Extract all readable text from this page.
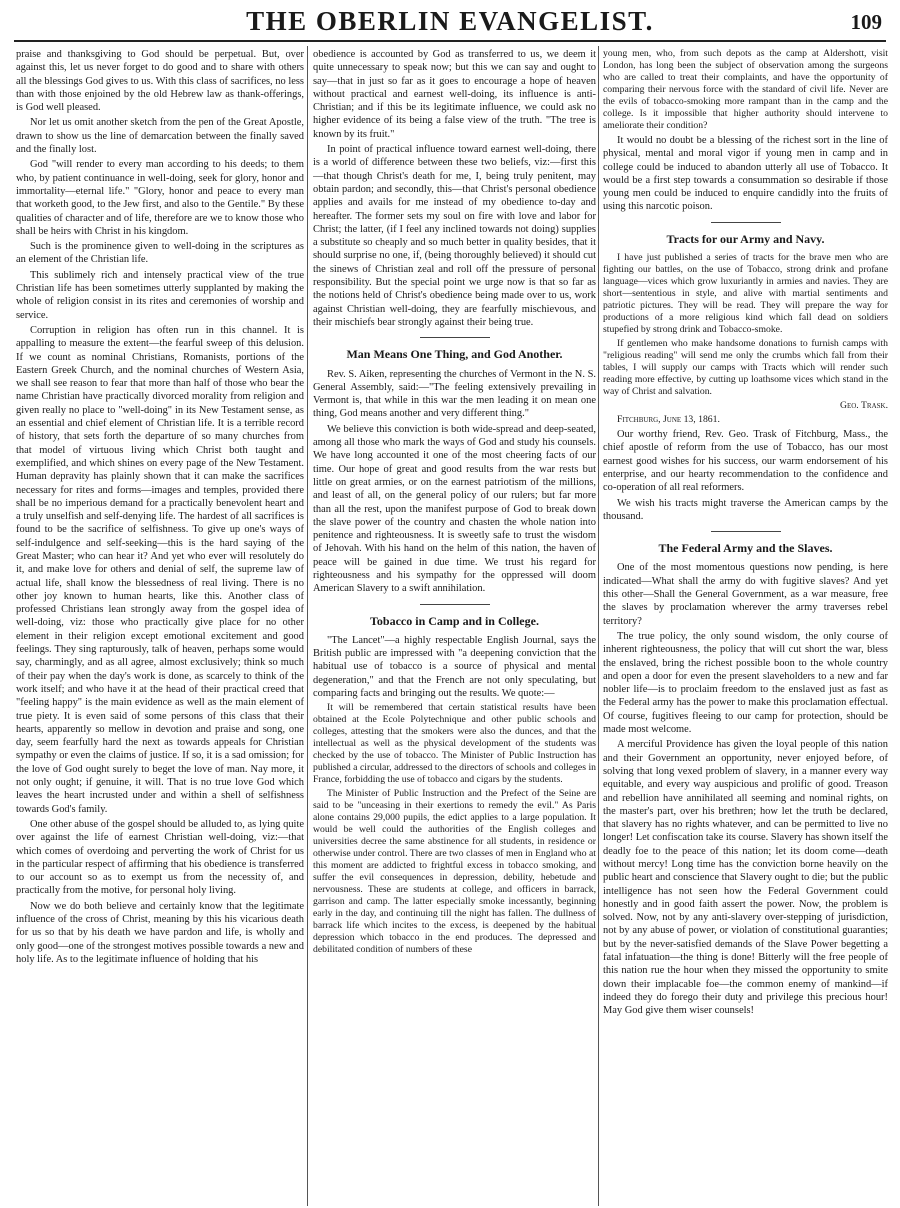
THE OBERLIN EVANGELIST.	109

praise and thanksgiving to God should be perpetual. But, over against this, let us never forget to do good and to share with others all the blessings God gives to us. With this class of sacrifices, no less than with those enjoined by the old Hebrew law as thank-offerings, is God well pleased.

Nor let us omit another sketch from the pen of the Great Apostle, drawn to show us the line of demarcation between the finally saved and the finally lost.

God "will render to every man according to his deeds; to them who, by patient continuance in well-doing, seek for glory, honor and immortality—eternal life." "Glory, honor and peace to every man that worketh good, to the Jew first, and also to the Gentile." By these qualities of character and of life, therefore are we to know those who shall be heirs with Christ in his kingdom.

Such is the prominence given to well-doing in the scriptures as an element of the Christian life.

This sublimely rich and intensely practical view of the true Christian life has been sometimes utterly supplanted by making the whole of religion consist in its rites and ceremonies of worship and service.

Corruption in religion has often run in this channel. It is appalling to measure the extent—the fearful sweep of this delusion. If we count as nominal Christians, Romanists, portions of the Eastern Greek Church, and the nominal churches of Western Asia, we shall see reason to fear that more than half of those who bear the name Christian have practically divorced morality from religion and given really no place to "well-doing" in its New Testament sense, as an essential and chief element of Christian life. It is a terrible record of history, that sets forth the departure of so many churches from that model of virtuous living which Christ both taught and exemplified, and which shines on every page of the New Testament. Human depravity has plainly shown that it can make the sacrifices necessary for rites and forms—images and temples, provided there shall be no imperious demand for a practically benevolent heart and a truly unselfish and self-denying life. The hardest of all sacrifices is found to be the sacrifice of selfishness. To give up one's ways of self-indulgence and self-seeking—this is the hard saying of the Great Master; who can hear it? And yet who ever will resolutely do it, and make love for others and denial of self, the supreme law of actual life, shall know the blessedness of real living. There is no other joy known to human hearts, like this. Another class of professed Christians lean strongly away from the gospel idea of well-doing, viz: those who practically give place for no other element in their religion except emotional excitement and good feelings. They sing rapturously, talk of heaven, perhaps some would say, charmingly, and as all agree, almost exclusively; think so much of their pay when the day's work is done, as scarcely to think of the work itself; and who have it at the head of their practical creed that "feeling happy" is the main evidence as well as the main element of true piety. It is even said of some persons of this class that their hearts, apparently so mellow in devotion and praise and song, one day, seem fearfully hard the next as towards appeals for Christian sympathy or even the claims of justice. If so, it is a sad omission; for the love of God ought surely to beget the love of man. Nay more, it not only ought; if genuine, it will. That is no true love God which leaves the heart incrusted under and within a shell of selfishness towards God's family.

One other abuse of the gospel should be alluded to, as lying quite over against the life of earnest Christian well-doing, viz:—that which comes of overdoing and perverting the work of Christ for us in the particular respect of affirming that his obedience is transferred to our account so as to exempt us from the necessity of, and practically from the motive, for personal holy living.

Now we do both believe and certainly know that the legitimate influence of the cross of Christ, meaning by this his vicarious death for us so that by his death we have pardon and life, is wholly and only good—one of the strongest motives possible towards a new and holy life. As to the legitimate influence of holding that his

obedience is accounted by God as transferred to us, we deem it quite unnecessary to speak now; but this we can say and ought to say—that in just so far as it goes to encourage a hope of heaven without practical and earnest well-doing, its influence is anti-Christian; and if this be its legitimate influence, we could ask no higher evidence of its being a false view of the truth. "The tree is known by its fruit."

In point of practical influence toward earnest well-doing, there is a world of difference between these two beliefs, viz:—first this—that though Christ's death for me, I, being truly penitent, may obtain pardon; and secondly, this—that Christ's personal obedience applies and avails for me instead of my obedience to-day and hereafter. The former sets my soul on fire with love and labor for Christ; the latter, (if I feel any inclined towards not doing) supplies a substitute so cheaply and so much better in quality besides, that it should surprise no one, if, (being thoroughly believed) it should cut the sinews of Christian zeal and roll off the pressure of personal responsibility. But the special point we urge now is that so far as the notions held of Christ's obedience being made over to us, work against Christian well-doing, they are fearfully mischievous, and their mischiefs bear strongly against their being true.

Man Means One Thing, and God Another.

Rev. S. Aiken, representing the churches of Vermont in the N. S. General Assembly, said:—"The feeling extensively prevailing in Vermont is, that while in this war the men leading it on mean one thing, God means another and very different thing."

We believe this conviction is both wide-spread and deep-seated, among all those who mark the ways of God and study his counsels. We have long accounted it one of the most cheering facts of our time. Our hope of great and good results from the war rests but little on great armies, or on the earnest patriotism of the millions, and least of all, on the general policy of our rulers; but far more than all the rest, upon the manifest purpose of God to break down the slave power of the country and chasten the whole nation into penitence and righteousness. It is sweetly safe to trust the wisdom of Jehovah. With his hand on the helm of this nation, the haven of peace will be gained in due time. We trust his regard for righteousness and his sympathy for the oppressed will doom American Slavery to a swift annihilation.

Tobacco in Camp and in College.

"The Lancet"—a highly respectable English Journal, says the British public are impressed with "a deepening conviction that the habitual use of tobacco is a source of physical and mental degeneration," and that the French are not only speculating, but comparing facts and bringing out the results. We quote:—

It will be remembered that certain statistical results have been obtained at the Ecole Polytechnique and other public schools and colleges, attesting that the smokers were also the dunces, and that the intellectual as well as the physical development of the students was checked by the use of tobacco. The Minister of Public Instruction has published a circular, addressed to the directors of schools and colleges in France, forbidding the use of tobacco and cigars by the students.

The Minister of Public Instruction and the Prefect of the Seine are said to be "unceasing in their exertions to remedy the evil." As Paris alone contains 29,000 pupils, the edict applies to a large population. It would be well could the authorities of the English colleges and universities decree the same abstinence for all students, in residence or otherwise under control. There are two classes of men in England who at this moment are addicted to frightful excess in tobacco smoking, and suffer the evil consequences in depression, debility, hebetude and nervousness. These are students at college, and officers in barrack, garrison and camp. The latter especially smoke incessantly, beginning early in the day, and continuing till the night has fallen. The dullness of barrack life which incites to the excess, is deepened by the habitual depression which tobacco in the end produces. The depressed and debilitated condition of numbers of these

young men, who, from such depots as the camp at Aldershott, visit London, has long been the subject of observation among the surgeons who are called to treat their complaints, and have the opportunity of comparing their nervous force with the standard of civil life. Never are the evils of tobacco-smoking more rampant than in the camp and the college. Is it impossible that higher authority should intervene to ameliorate their condition?

It would no doubt be a blessing of the richest sort in the line of physical, mental and moral vigor if young men in camp and in college could be induced to abandon utterly all use of Tobacco. It would be a first step towards a consummation so desirable if those young men could be induced to enquire candidly into the fruits of using this narcotic poison.

Tracts for our Army and Navy.

I have just published a series of tracts for the brave men who are fighting our battles, on the use of Tobacco, strong drink and profane language—vices which grow luxuriantly in armies and navies. They are short—sententious in style, and alive with martial sentiments and patriotic pictures. They will be read. They will prepare the way for productions of a more religious kind which fall dead on soldiers stupefied by strong drink and Tobacco-smoke.

If gentlemen who make handsome donations to furnish camps with "religious reading" will send me only the crumbs which fall from their tables, I will supply our camps with Tracts which will render such reading more effective, by cutting up loathsome vices which stand in the way of Christ and salvation.

Geo. Trask.

Fitchburg, June 13, 1861.

Our worthy friend, Rev. Geo. Trask of Fitchburg, Mass., the chief apostle of reform from the use of Tobacco, has our most earnest good wishes for his success, our warm endorsement of his enterprise, and our hearty recommendation to the confidence and co-operation of all real reformers.

We wish his tracts might traverse the American camps by the thousand.

The Federal Army and the Slaves.

One of the most momentous questions now pending, is here indicated—What shall the army do with fugitive slaves? And yet this other—Shall the General Government, as a war measure, free the slaves by proclamation wherever the army traverses rebel territory?

The true policy, the only sound wisdom, the only course of inherent righteousness, the policy that will cut short the war, bless the enslaved, bring the richest possible boon to the whole country and open a door for even the present slaveholders to a new and far nobler life—is to proclaim freedom to the enslaved just as fast as the Federal army has the power to make this proclamation effectual. Of course, fugitives fleeing to our camp for protection, should be made most welcome.

A merciful Providence has given the loyal people of this nation and their Government an opportunity, never enjoyed before, of solving that long vexed problem of slavery, in a manner every way equitable, and every way auspicious and prolific of good. Treason and rebellion have annihilated all seeming and nominal rights, on the master's part, over his brethren; how let the truth be declared, that slavery has no rights whatever, and can be permitted to live no longer! Let confiscation take its course. Slavery has shown itself the deadly foe to the peace of this nation; let its doom come—death without mercy! Long time has the conviction borne heavily on the public heart and conscience that Slavery ought to die; but the public intelligence has not seen how the Federal Government could honestly and in good faith assert the power. Now, the problem is solved. Now, not by any anti-slavery over-stepping of jurisdiction, not by any abuse of power, or violation of constitutional guaranties; but by the never-satisfied demands of the Slave Power begetting a fatal infatuation—the thing is done! Bitterly will the free people of this nation rue the hour when they missed the opportunity to smite down their implacable foe—the common enemy of mankind—if indeed they do forego their duty and privilege this precious hour! May God give them wiser counsels!
